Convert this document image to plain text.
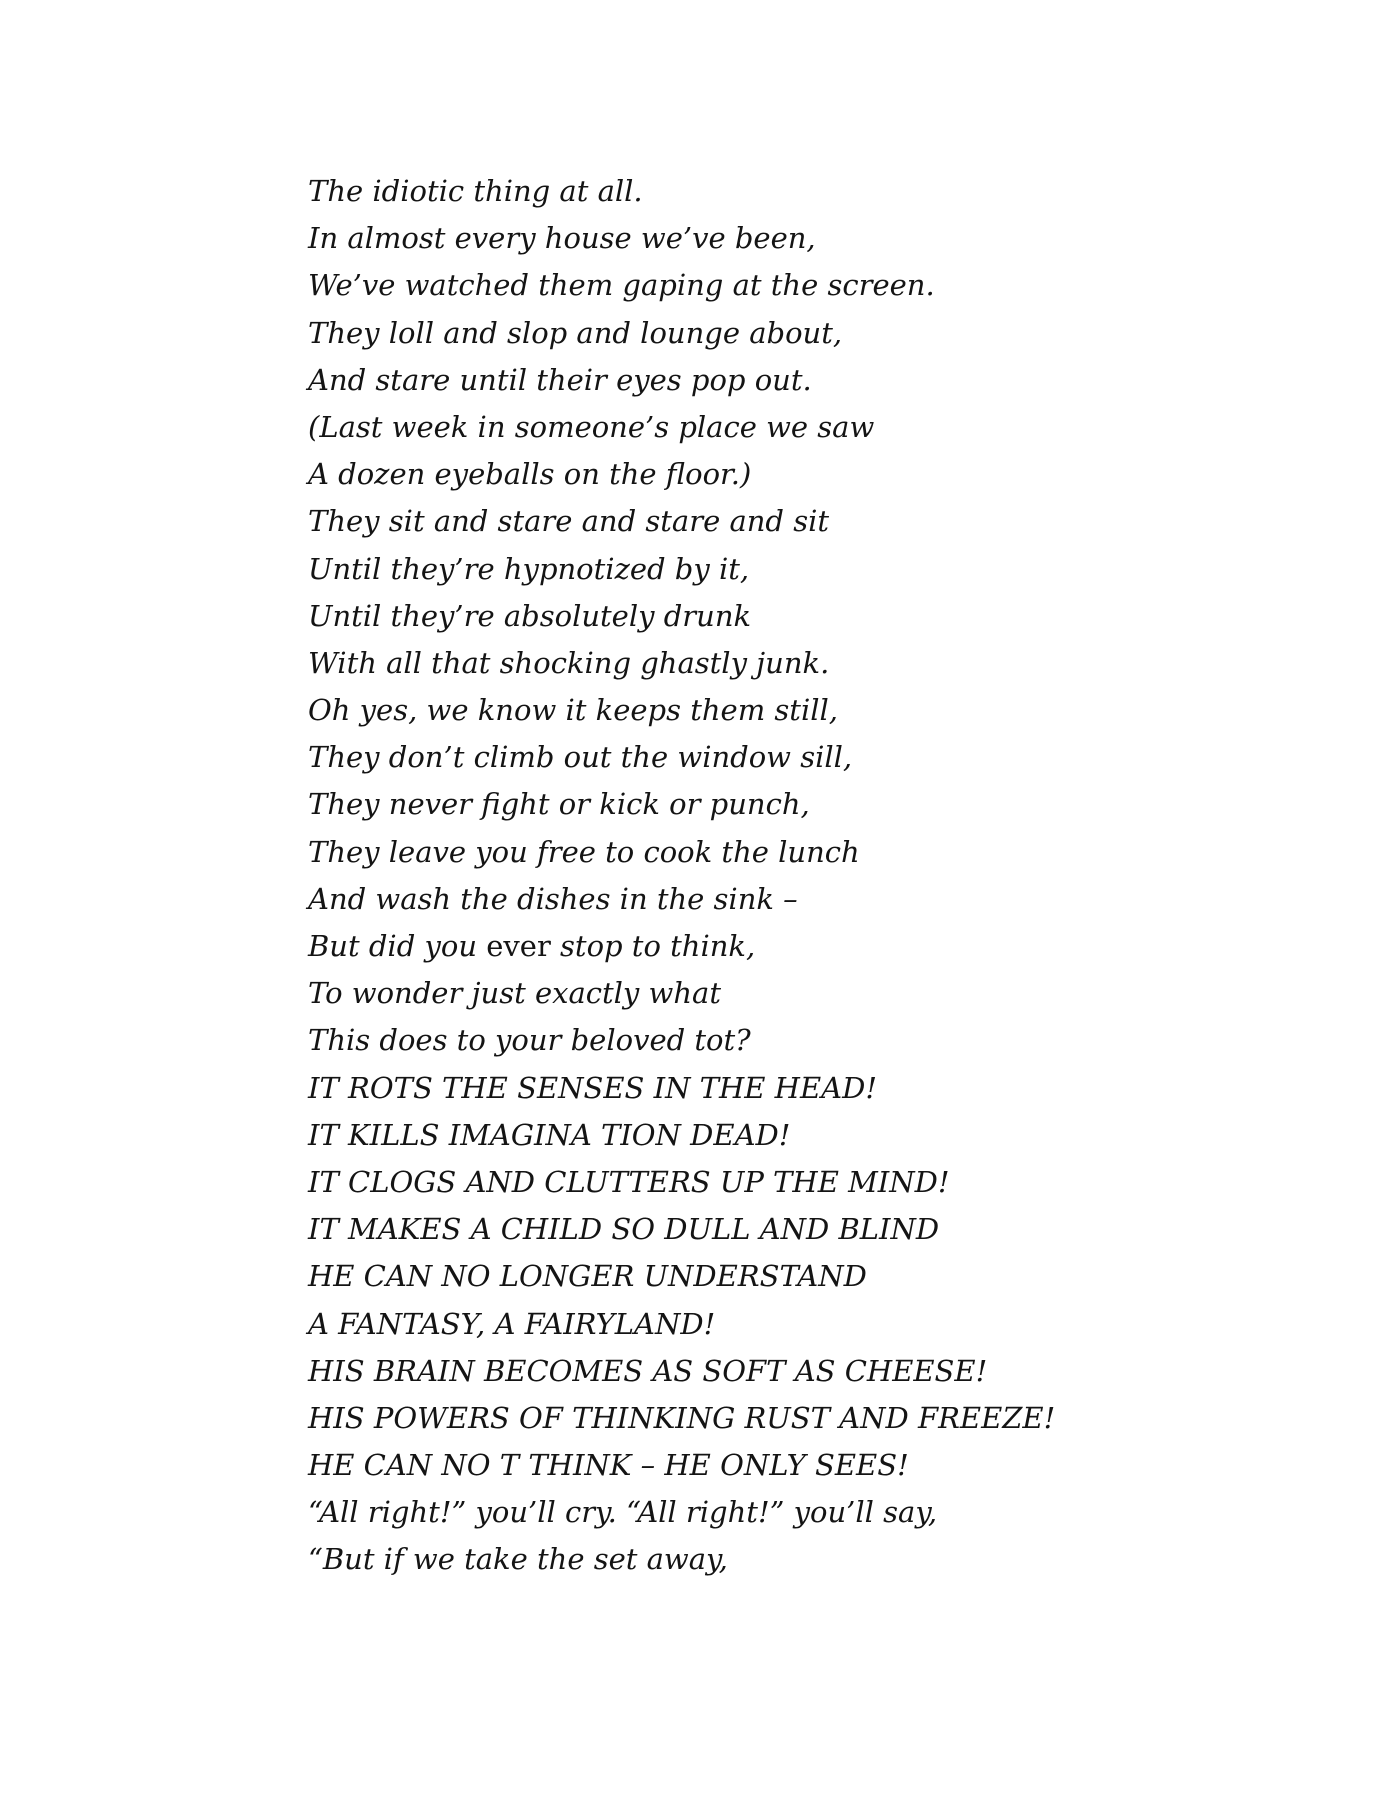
The idiotic thing at all.
In almost every house we’ve been,
We’ve watched them gaping at the screen.
They loll and slop and lounge about,
And stare until their eyes pop out.
(Last week in someone’s place we saw
A dozen eyeballs on the floor.)
They sit and stare and stare and sit
Until they’re hypnotized by it,
Until they’re absolutely drunk
With all that shocking ghastly junk.
Oh yes, we know it keeps them still,
They don’t climb out the window sill,
They never fight or kick or punch,
They leave you free to cook the lunch
And wash the dishes in the sink –
But did you ever stop to think,
To wonder just exactly what
This does to your beloved tot?
IT ROTS THE SENSES IN THE HEAD!
IT KILLS IMAGINA TION DEAD!
IT CLOGS AND CLUTTERS UP THE MIND!
IT MAKES A CHILD SO DULL AND BLIND
HE CAN NO LONGER UNDERSTAND
A FANTASY, A FAIRYLAND!
HIS BRAIN BECOMES AS SOFT AS CHEESE!
HIS POWERS OF THINKING RUST AND FREEZE!
HE CAN NO T THINK – HE ONLY SEES!
“All right!” you’ll cry. “All right!” you’ll say,
“But if we take the set away,
